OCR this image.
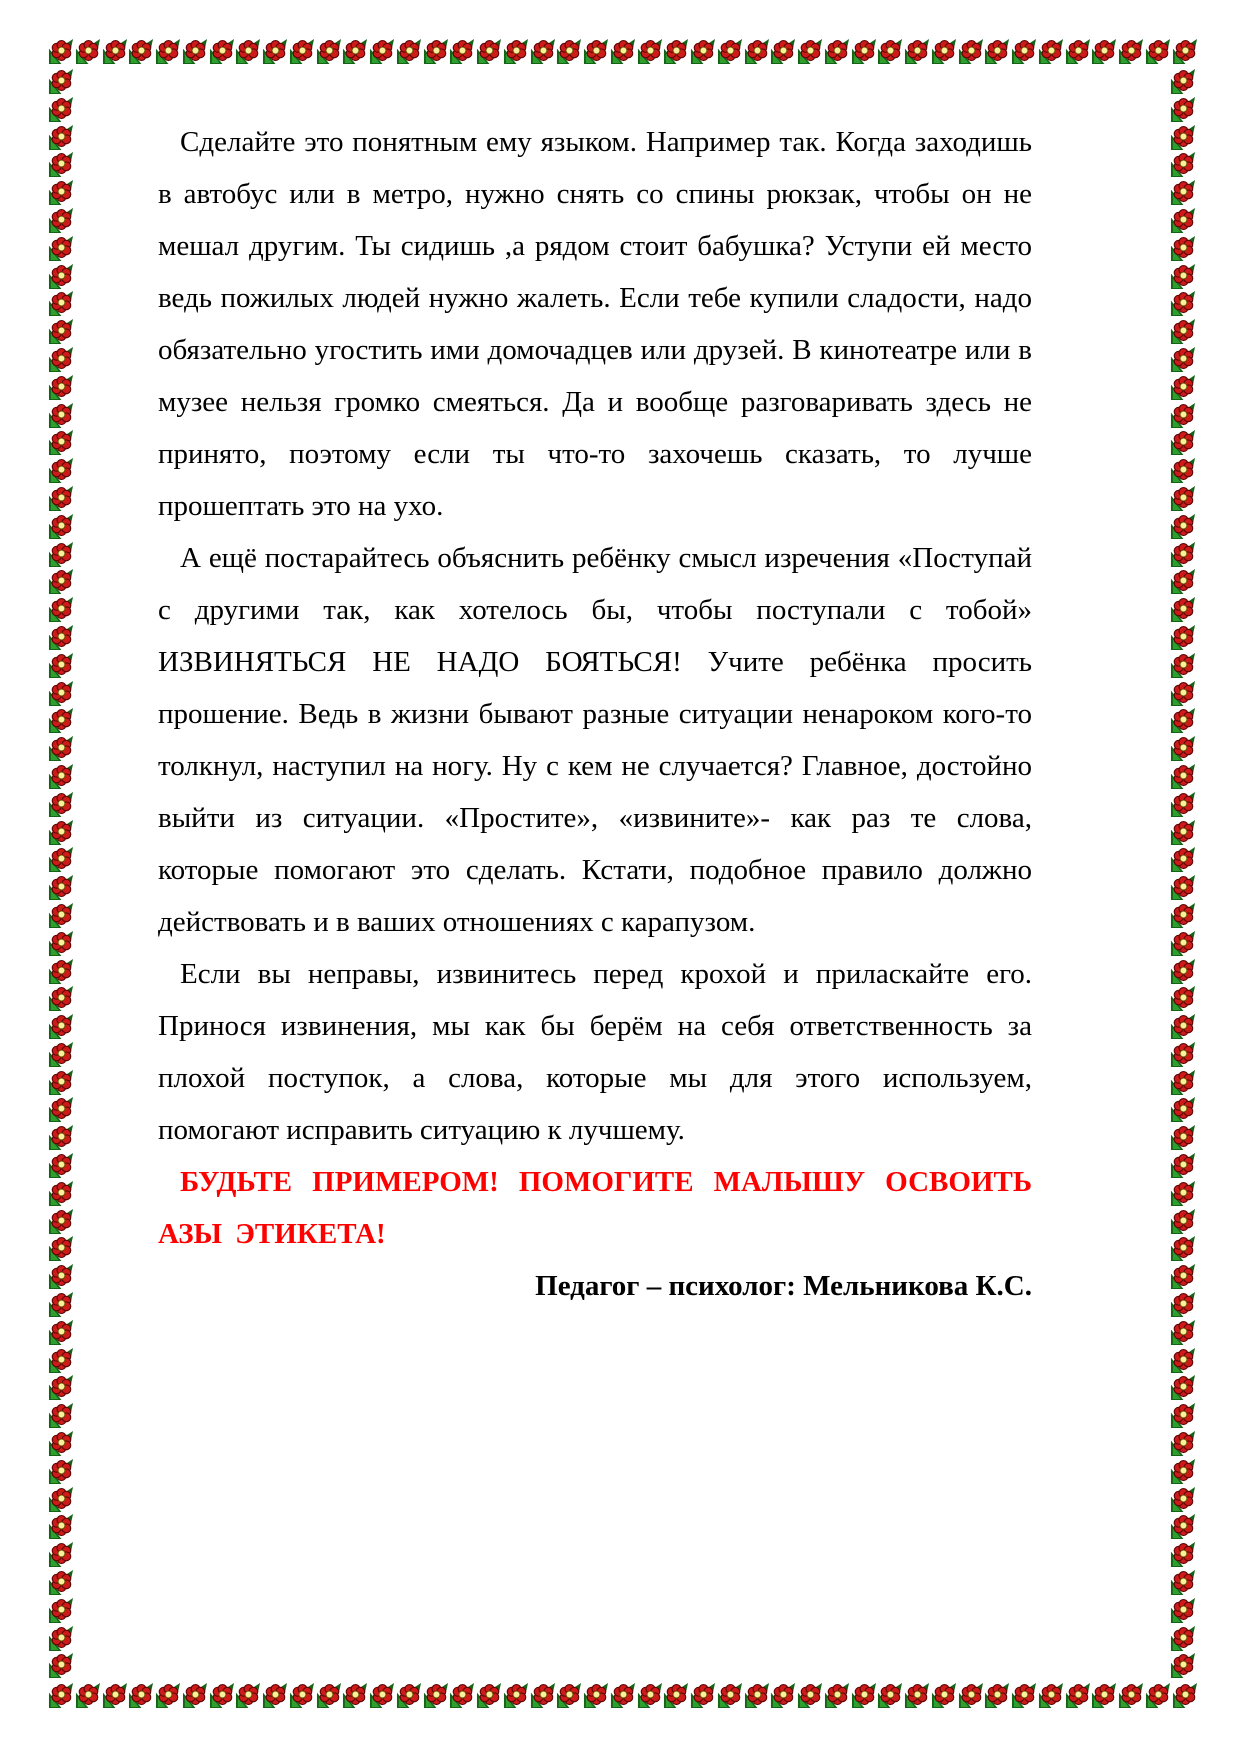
Сделайте это понятным ему языком. Например так. Когда заходишь в автобус или в метро, нужно снять со спины рюкзак, чтобы он не мешал другим. Ты сидишь ,а рядом стоит бабушка? Уступи ей место ведь пожилых людей нужно жалеть. Если тебе купили сладости, надо обязательно угостить ими домочадцев или друзей. В кинотеатре или в музее нельзя громко смеяться. Да и вообще разговаривать здесь не принято, поэтому если ты что-то захочешь сказать, то лучше прошептать это на ухо.

А ещё постарайтесь объяснить ребёнку смысл изречения «Поступай с другими так, как хотелось бы, чтобы поступали с тобой» ИЗВИНЯТЬСЯ НЕ НАДО БОЯТЬСЯ! Учите ребёнка просить прошение. Ведь в жизни бывают разные ситуации ненароком кого-то толкнул, наступил на ногу. Ну с кем не случается? Главное, достойно выйти из ситуации. «Простите», «извините»- как раз те слова, которые помогают это сделать. Кстати, подобное правило должно действовать и в ваших отношениях с карапузом.

Если вы неправы, извинитесь перед крохой и приласкайте его. Принося извинения, мы как бы берём на себя ответственность за плохой поступок, а слова, которые мы для этого используем, помогают исправить ситуацию к лучшему.

БУДЬТЕ ПРИМЕРОМ! ПОМОГИТЕ МАЛЫШУ ОСВОИТЬ АЗЫ ЭТИКЕТА!

Педагог – психолог: Мельникова К.С.
